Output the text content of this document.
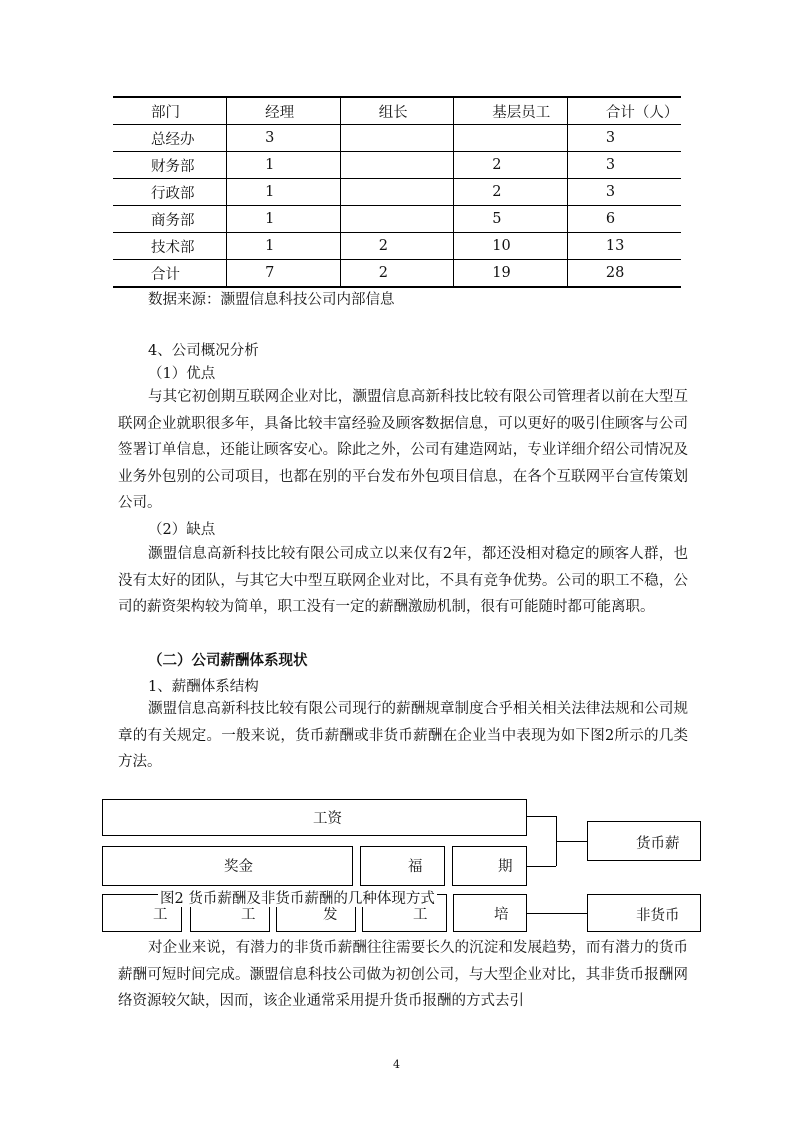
部门	经理	组长	基层员工	合计（人）
总经办	3			3
财务部	1		2	3
行政部	1		2	3
商务部	1		5	6
技术部	1	2	10	13
合计	7	2	19	28
数据来源：灏盟信息科技公司内部信息
4、公司概况分析
（1）优点
与其它初创期互联网企业对比，灏盟信息高新科技比较有限公司管理者以前在大型互联网企业就职很多年，具备比较丰富经验及顾客数据信息，可以更好的吸引住顾客与公司签署订单信息，还能让顾客安心。除此之外，公司有建造网站，专业详细介绍公司情况及业务外包别的公司项目，也都在别的平台发布外包项目信息，在各个互联网平台宣传策划公司。
（2）缺点
灏盟信息高新科技比较有限公司成立以来仅有2年，都还没相对稳定的顾客人群，也没有太好的团队，与其它大中型互联网企业对比，不具有竞争优势。公司的职工不稳，公司的薪资架构较为简单，职工没有一定的薪酬激励机制，很有可能随时都可能离职。
（二）公司薪酬体系现状
1、薪酬体系结构
灏盟信息高新科技比较有限公司现行的薪酬规章制度合乎相关相关法律法规和公司规章的有关规定。一般来说，货币薪酬或非货币薪酬在企业当中表现为如下图2所示的几类方法。
工资
奖金	福	期
工	工	发	工	培
图2 货币薪酬及非货币薪酬的几种体现方式
货币薪
非货币
对企业来说，有潜力的非货币薪酬往往需要长久的沉淀和发展趋势，而有潜力的货币薪酬可短时间完成。灏盟信息科技公司做为初创公司，与大型企业对比，其非货币报酬网络资源较欠缺，因而，该企业通常采用提升货币报酬的方式去引
4
